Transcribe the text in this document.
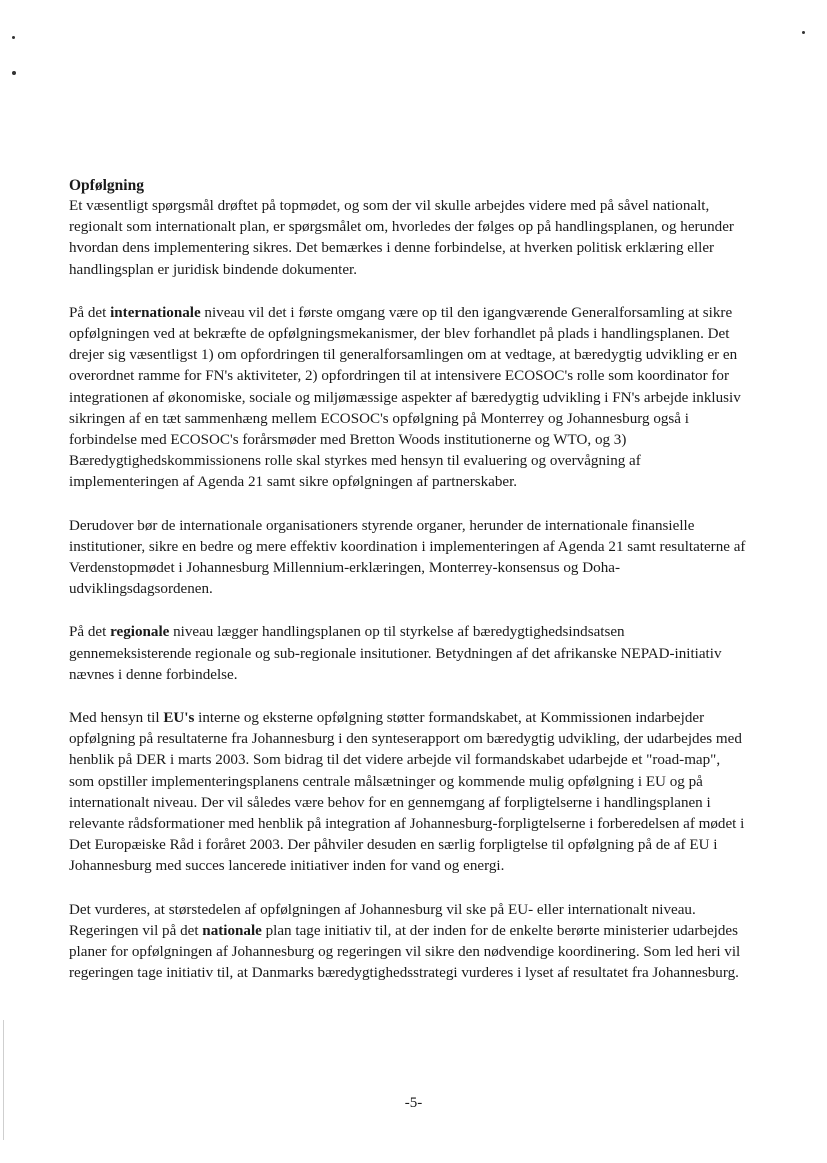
Opfølgning

Et væsentligt spørgsmål drøftet på topmødet, og som der vil skulle arbejdes videre med på såvel nationalt, regionalt som internationalt plan, er spørgsmålet om, hvorledes der følges op på handlingsplanen, og herunder hvordan dens implementering sikres. Det bemærkes i denne forbindelse, at hverken politisk erklæring eller handlingsplan er juridisk bindende dokumenter.

På det internationale niveau vil det i første omgang være op til den igangværende Generalforsamling at sikre opfølgningen ved at bekræfte de opfølgningsmekanismer, der blev forhandlet på plads i handlingsplanen. Det drejer sig væsentligst 1) om opfordringen til generalforsamlingen om at vedtage, at bæredygtig udvikling er en overordnet ramme for FN's aktiviteter, 2) opfordringen til at intensivere ECOSOC's rolle som koordinator for integrationen af økonomiske, sociale og miljømæssige aspekter af bæredygtig udvikling i FN's arbejde inklusiv sikringen af en tæt sammenhæng mellem ECOSOC's opfølgning på Monterrey og Johannesburg også i forbindelse med ECOSOC's forårsmøder med Bretton Woods institutionerne og WTO, og 3) Bæredygtighedskommissionens rolle skal styrkes med hensyn til evaluering og overvågning af implementeringen af Agenda 21 samt sikre opfølgningen af partnerskaber.

Derudover bør de internationale organisationers styrende organer, herunder de internationale finansielle institutioner, sikre en bedre og mere effektiv koordination i implementeringen af Agenda 21 samt resultaterne af Verdenstopmødet i Johannesburg Millennium-erklæringen, Monterrey-konsensus og Doha-udviklingsdagsordenen.

På det regionale niveau lægger handlingsplanen op til styrkelse af bæredygtighedsindsatsen gennemeksisterende regionale og sub-regionale insitutioner. Betydningen af det afrikanske NEPAD-initiativ nævnes i denne forbindelse.

Med hensyn til EU's interne og eksterne opfølgning støtter formandskabet, at Kommissionen indarbejder opfølgning på resultaterne fra Johannesburg i den synteserapport om bæredygtig udvikling, der udarbejdes med henblik på DER i marts 2003. Som bidrag til det videre arbejde vil formandskabet udarbejde et "road-map", som opstiller implementeringsplanens centrale målsætninger og kommende mulig opfølgning i EU og på internationalt niveau. Der vil således være behov for en gennemgang af forpligtelserne i handlingsplanen i relevante rådsformationer med henblik på integration af Johannesburg-forpligtelserne i forberedelsen af mødet i Det Europæiske Råd i foråret 2003. Der påhviler desuden en særlig forpligtelse til opfølgning på de af EU i Johannesburg med succes lancerede initiativer inden for vand og energi.

Det vurderes, at størstedelen af opfølgningen af Johannesburg vil ske på EU- eller internationalt niveau. Regeringen vil på det nationale plan tage initiativ til, at der inden for de enkelte berørte ministerier udarbejdes planer for opfølgningen af Johannesburg og regeringen vil sikre den nødvendige koordinering. Som led heri vil regeringen tage initiativ til, at Danmarks bæredygtighedsstrategi vurderes i lyset af resultatet fra Johannesburg.

-5-
